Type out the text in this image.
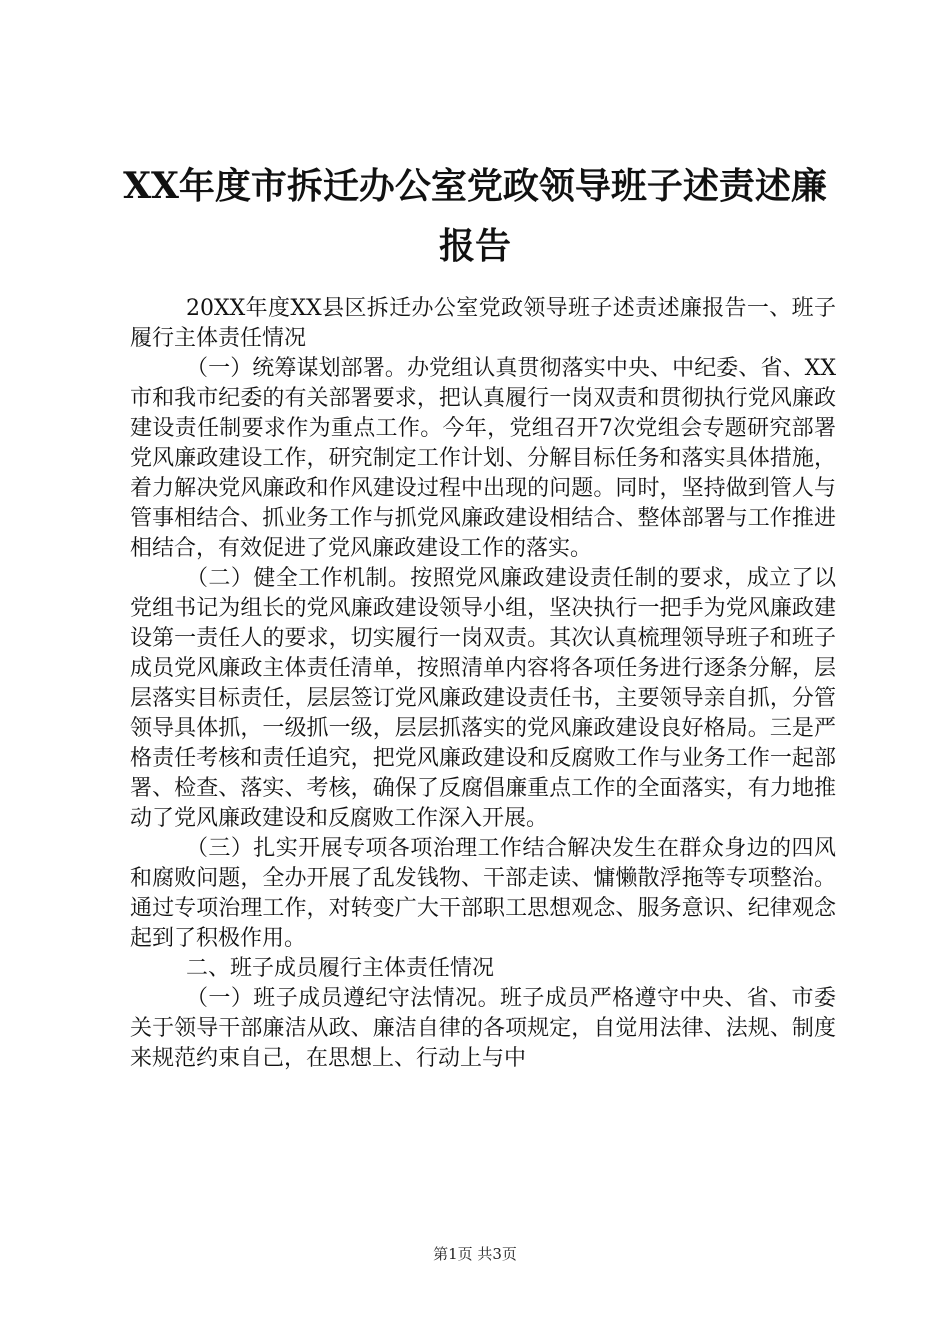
XX年度市拆迁办公室党政领导班子述责述廉
报告

20XX年度XX县区拆迁办公室党政领导班子述责述廉报告一、班子履行主体责任情况

（一）统筹谋划部署。办党组认真贯彻落实中央、中纪委、省、XX市和我市纪委的有关部署要求，把认真履行一岗双责和贯彻执行党风廉政建设责任制要求作为重点工作。今年，党组召开7次党组会专题研究部署党风廉政建设工作，研究制定工作计划、分解目标任务和落实具体措施，着力解决党风廉政和作风建设过程中出现的问题。同时，坚持做到管人与管事相结合、抓业务工作与抓党风廉政建设相结合、整体部署与工作推进相结合，有效促进了党风廉政建设工作的落实。

（二）健全工作机制。按照党风廉政建设责任制的要求，成立了以党组书记为组长的党风廉政建设领导小组，坚决执行一把手为党风廉政建设第一责任人的要求，切实履行一岗双责。其次认真梳理领导班子和班子成员党风廉政主体责任清单，按照清单内容将各项任务进行逐条分解，层层落实目标责任，层层签订党风廉政建设责任书，主要领导亲自抓，分管领导具体抓，一级抓一级，层层抓落实的党风廉政建设良好格局。三是严格责任考核和责任追究，把党风廉政建设和反腐败工作与业务工作一起部署、检查、落实、考核，确保了反腐倡廉重点工作的全面落实，有力地推动了党风廉政建设和反腐败工作深入开展。

（三）扎实开展专项各项治理工作结合解决发生在群众身边的四风和腐败问题，全办开展了乱发钱物、干部走读、慵懒散浮拖等专项整治。通过专项治理工作，对转变广大干部职工思想观念、服务意识、纪律观念起到了积极作用。

二、班子成员履行主体责任情况

（一）班子成员遵纪守法情况。班子成员严格遵守中央、省、市委关于领导干部廉洁从政、廉洁自律的各项规定，自觉用法律、法规、制度来规范约束自己，在思想上、行动上与中

第1页 共3页
